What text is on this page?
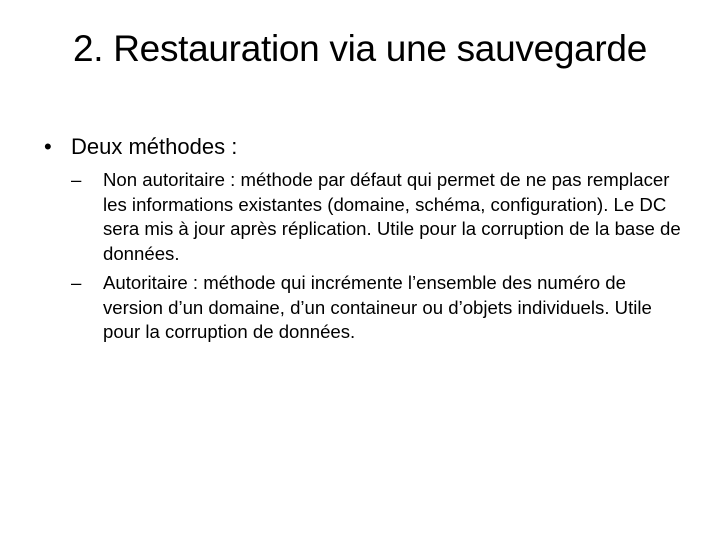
2. Restauration via une sauvegarde
• Deux méthodes :
– Non autoritaire : méthode par défaut qui permet de ne pas remplacer les informations existantes (domaine, schéma, configuration). Le DC sera mis à jour après réplication. Utile pour la corruption de la base de données.
– Autoritaire : méthode qui incrémente l’ensemble des numéro de version d’un domaine, d’un containeur ou d’objets individuels. Utile pour la corruption de données.
